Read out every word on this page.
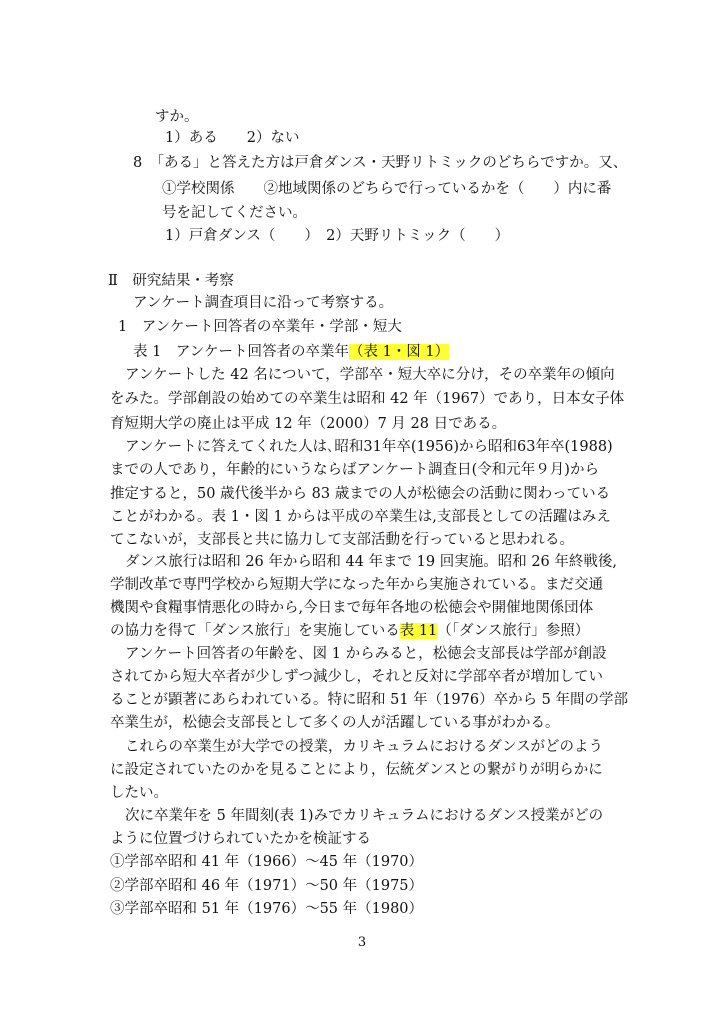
すか。
1）ある　　2）ない
8　「ある」と答えた方は戸倉ダンス・天野リトミックのどちらですか。又、
①学校関係　　②地域関係のどちらで行っているかを（　　）内に番
号を記してください。
1）戸倉ダンス（　　）　2）天野リトミック（　　）
Ⅱ　研究結果・考察
アンケート調査項目に沿って考察する。
1　アンケート回答者の卒業年・学部・短大
表 1　アンケート回答者の卒業年（表 1・図 1）
アンケートした 42 名について，学部卒・短大卒に分け，その卒業年の傾向
をみた。学部創設の始めての卒業生は昭和 42 年（1967）であり，日本女子体
育短期大学の廃止は平成 12 年（2000）7 月 28 日である。
アンケートに答えてくれた人は､昭和31年卒(1956)から昭和63年卒(1988)
までの人であり，年齢的にいうならばアンケート調査日(令和元年９月)から
推定すると，50 歳代後半から 83 歳までの人が松徳会の活動に関わっている
ことがわかる。表 1・図 1 からは平成の卒業生は,支部長としての活躍はみえ
てこないが，支部長と共に協力して支部活動を行っていると思われる。
ダンス旅行は昭和 26 年から昭和 44 年まで 19 回実施。昭和 26 年終戦後,
学制改革で専門学校から短期大学になった年から実施されている。まだ交通
機関や食糧事情悪化の時から,今日まで毎年各地の松徳会や開催地関係団体
の協力を得て「ダンス旅行」を実施している表 11（「ダンス旅行」参照）
アンケート回答者の年齢を、図 1 からみると，松徳会支部長は学部が創設
されてから短大卒者が少しずつ減少し，それと反対に学部卒者が増加してい
ることが顕著にあらわれている。特に昭和 51 年（1976）卒から 5 年間の学部
卒業生が，松徳会支部長として多くの人が活躍している事がわかる。
これらの卒業生が大学での授業，カリキュラムにおけるダンスがどのよう
に設定されていたのかを見ることにより，伝統ダンスとの繋がりが明らかに
したい。
次に卒業年を 5 年間刻(表 1)みでカリキュラムにおけるダンス授業がどの
ように位置づけられていたかを検証する
①学部卒昭和 41 年（1966）～45 年（1970）
②学部卒昭和 46 年（1971）～50 年（1975）
③学部卒昭和 51 年（1976）～55 年（1980）
3
